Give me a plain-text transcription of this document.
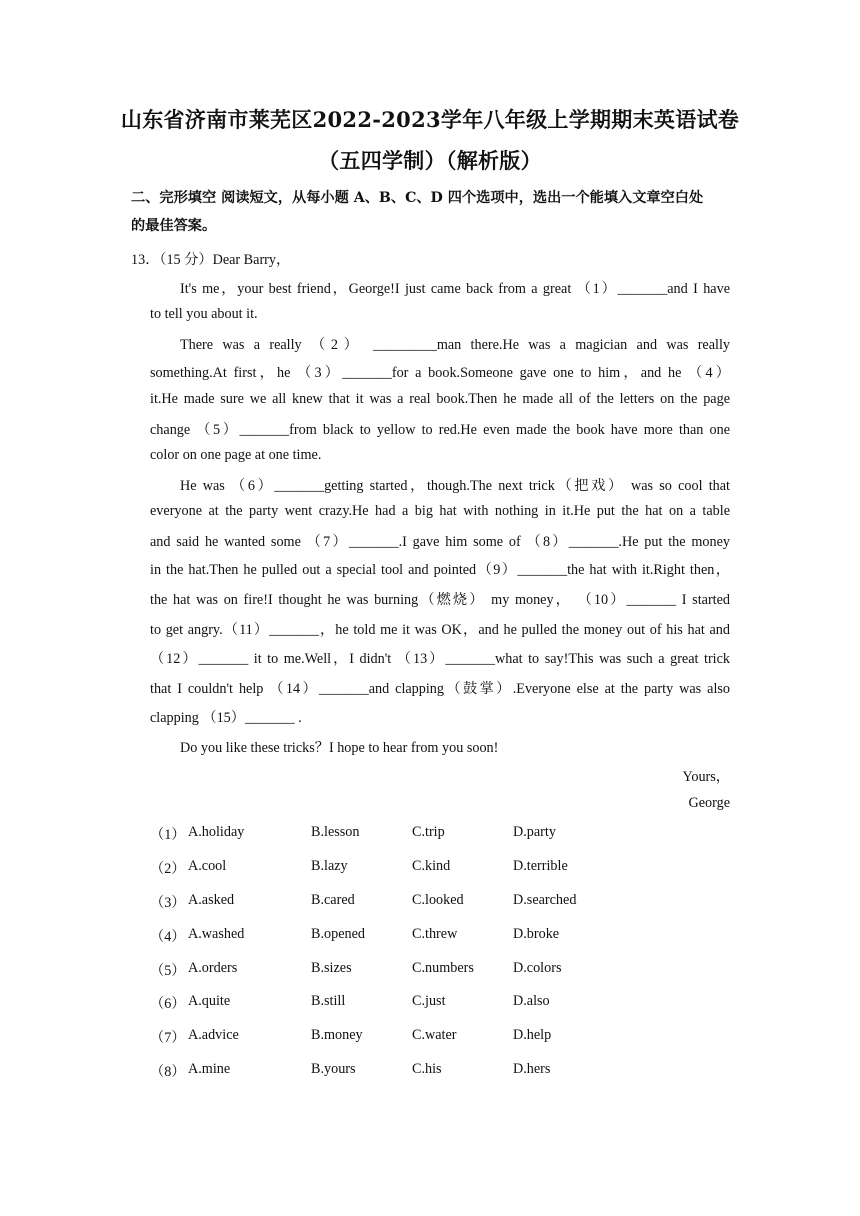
山东省济南市莱芜区2022-2023学年八年级上学期期末英语试卷
（五四学制）（解析版）
二、完形填空 阅读短文，从每小题 A、B、C、D 四个选项中，选出一个能填入文章空白处
的最佳答案。
13．（15 分）Dear Barry，
It's me，your best friend，George!I just came back from a great （1）_______and I have
to tell you about it.
There was a really （2） _________man there.He was a magician and was really
something.At first，he （3）_______for a book.Someone gave one to him，and he （4）
it.He made sure we all knew that it was a real book.Then he made all of the letters on the page
change （5）_______from black to yellow to red.He even made the book have more than one
color on one page at one time.
He was （6）_______getting started，though.The next trick（把戏） was so cool that
everyone at the party went crazy.He had a big hat with nothing in it.He put the hat on a table
and said he wanted some （7）_______.I gave him some of （8）_______.He put the money
in the hat.Then he pulled out a special tool and pointed（9）_______the hat with it.Right then，
the hat was on fire!I thought he was burning（燃烧） my money， （10）_______ I started
to get angry.（11）_______，he told me it was OK，and he pulled the money out of his hat and
（12）_______ it to me.Well，I didn't （13）_______what to say!This was such a great trick
that I couldn't help （14）_______and clapping（鼓掌）.Everyone else at the party was also
clapping （15）_______ .
Do you like these tricks？I hope to hear from you soon!
Yours，
George
（1） A.holiday	B.lesson	C.trip	D.party
（2） A.cool	B.lazy	C.kind	D.terrible
（3） A.asked	B.cared	C.looked	D.searched
（4） A.washed	B.opened	C.threw	D.broke
（5） A.orders	B.sizes	C.numbers	D.colors
（6） A.quite	B.still	C.just	D.also
（7） A.advice	B.money	C.water	D.help
（8） A.mine	B.yours	C.his	D.hers
